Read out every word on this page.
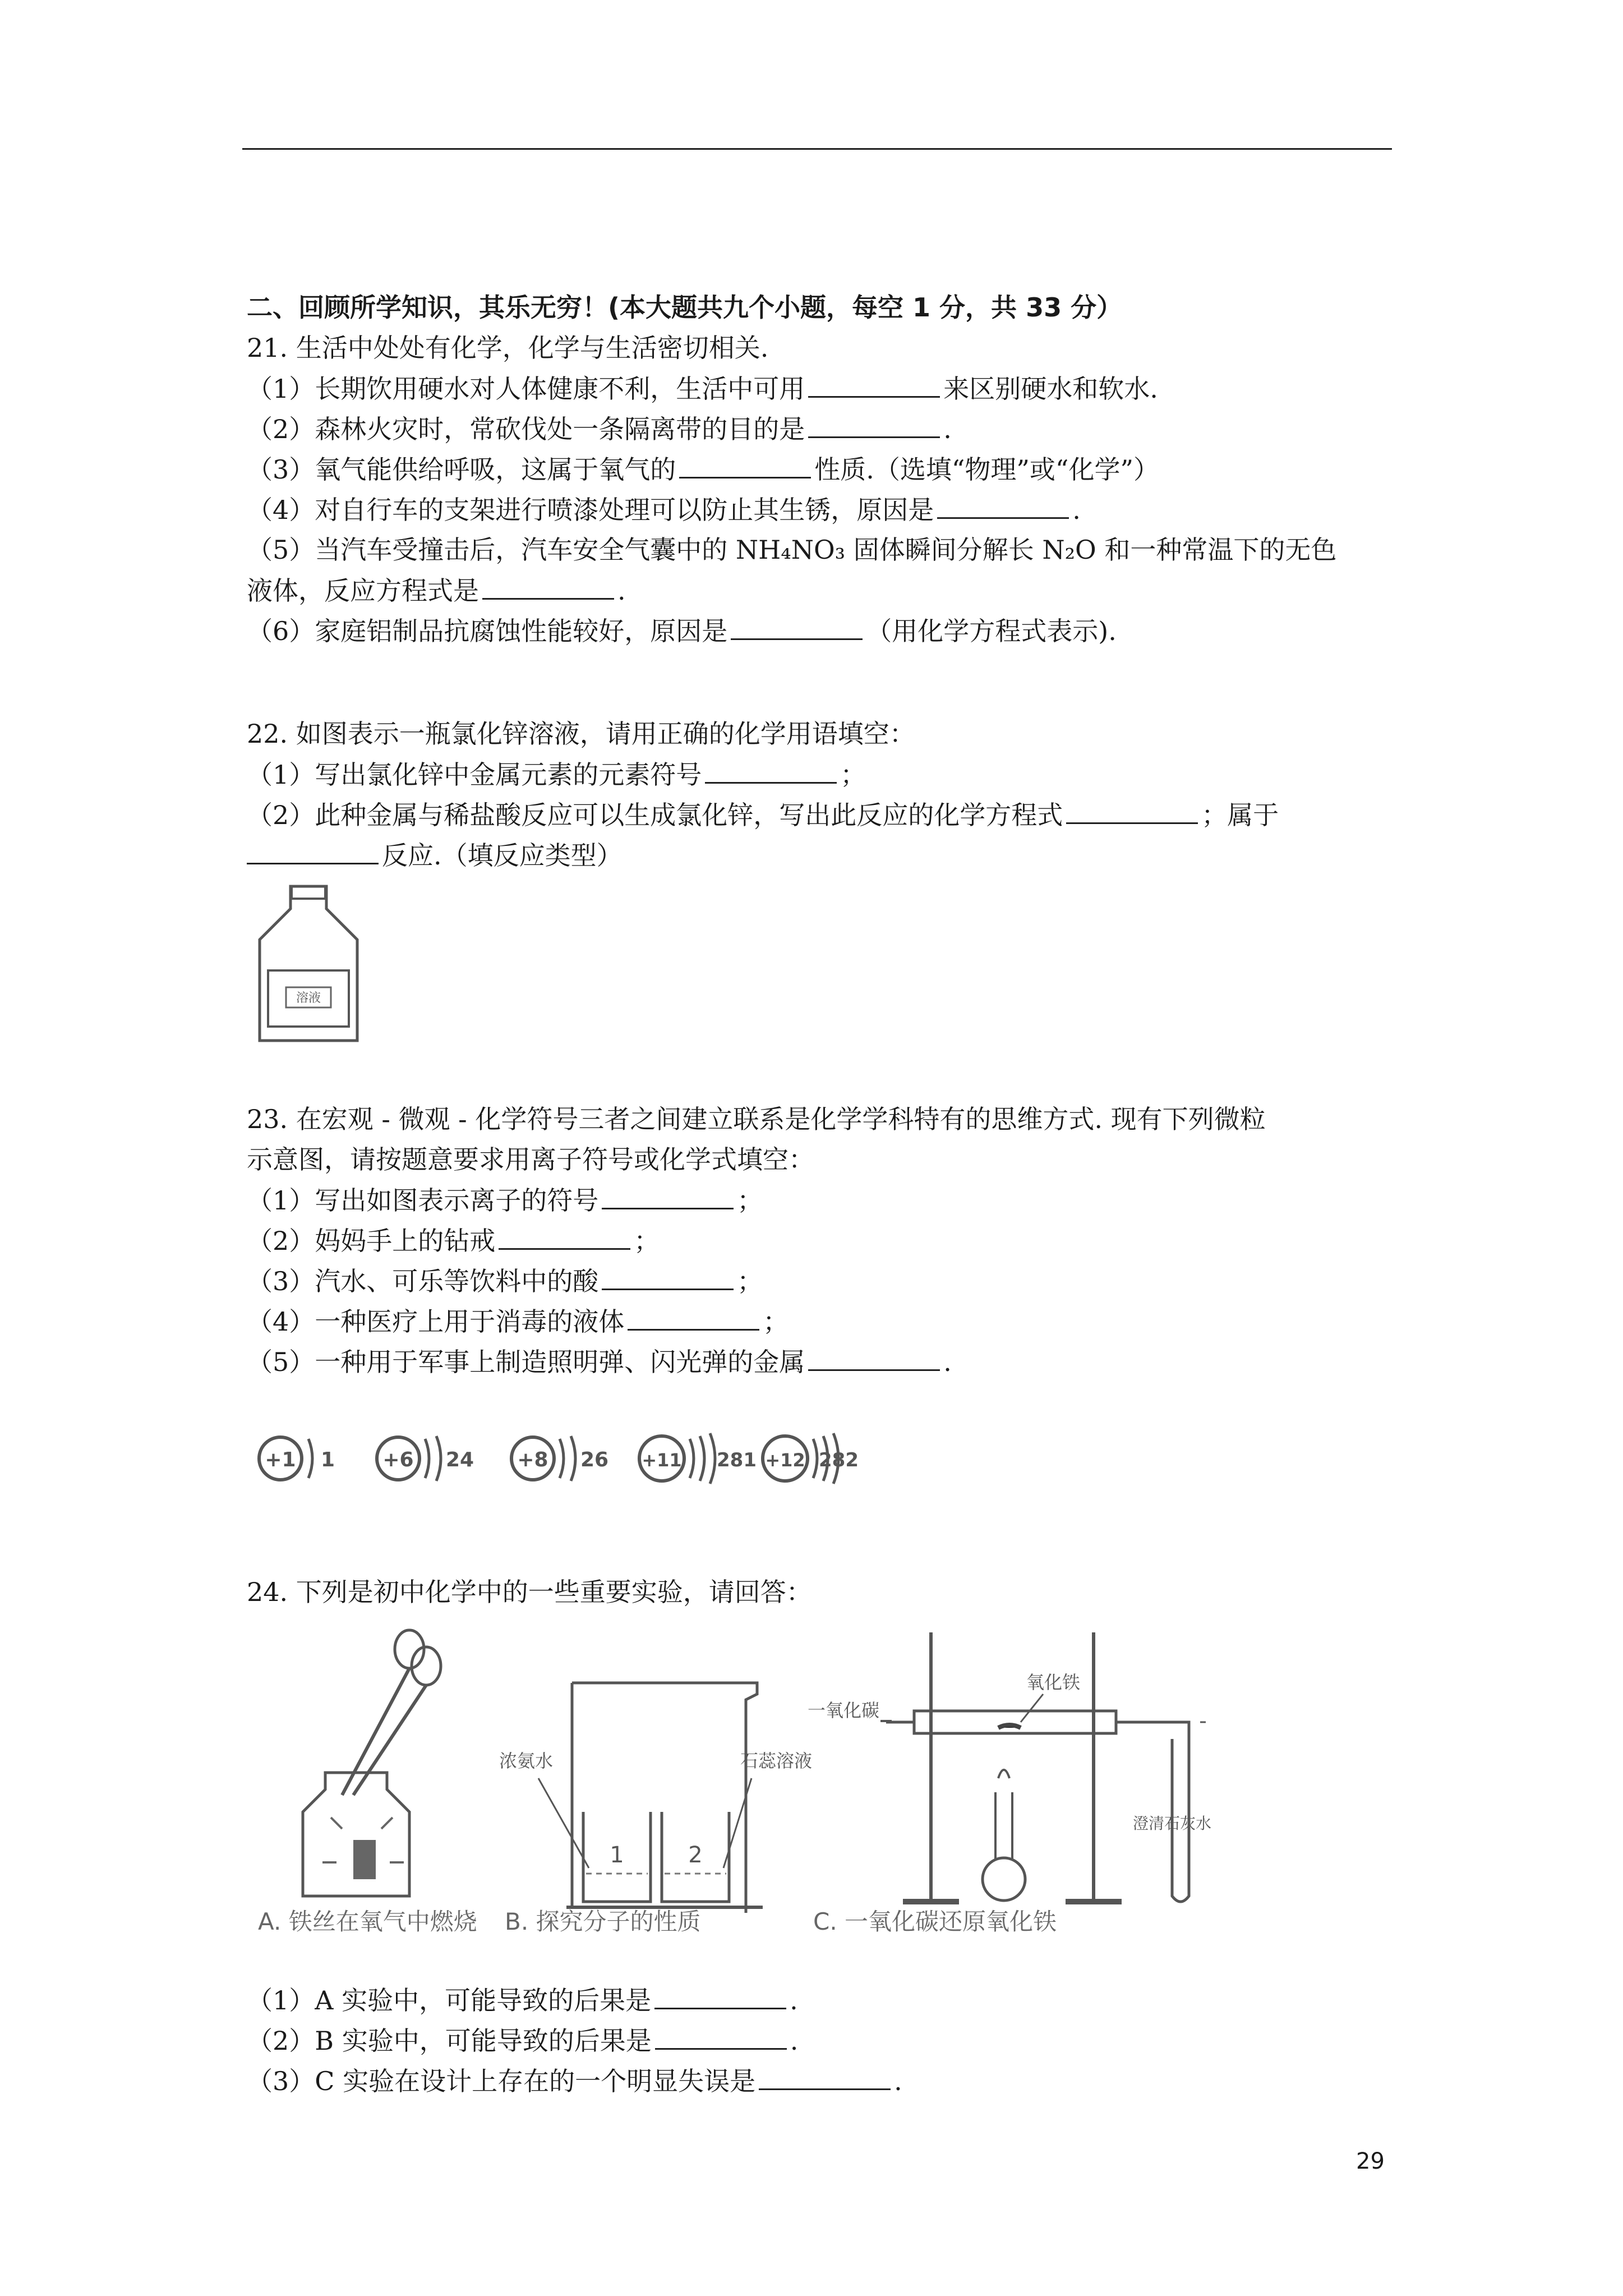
二、回顾所学知识，其乐无穷！(本大题共九个小题，每空 1 分，共 33 分）
21. 生活中处处有化学，化学与生活密切相关.
（1）长期饮用硬水对人体健康不利，生活中可用	来区别硬水和软水.
（2）森林火灾时，常砍伐处一条隔离带的目的是	.
（3）氧气能供给呼吸，这属于氧气的	性质.（选填“物理”或“化学”）
（4）对自行车的支架进行喷漆处理可以防止其生锈，原因是	.
（5）当汽车受撞击后，汽车安全气囊中的 NH₄NO₃ 固体瞬间分解长 N₂O 和一种常温下的无色
液体，反应方程式是	.
（6）家庭铝制品抗腐蚀性能较好，原因是	（用化学方程式表示).
22. 如图表示一瓶氯化锌溶液，请用正确的化学用语填空：
（1）写出氯化锌中金属元素的元素符号	；
（2）此种金属与稀盐酸反应可以生成氯化锌，写出此反应的化学方程式	；属于
反应.（填反应类型）
溶液
23. 在宏观 - 微观 - 化学符号三者之间建立联系是化学学科特有的思维方式. 现有下列微粒
示意图，请按题意要求用离子符号或化学式填空：
（1）写出如图表示离子的符号	；
（2）妈妈手上的钻戒	；
（3）汽水、可乐等饮料中的酸	；
（4）一种医疗上用于消毒的液体	；
（5）一种用于军事上制造照明弹、闪光弹的金属	.
+1 1 +6 24 +8 26 +11 281 +12 282
24. 下列是初中化学中的一些重要实验，请回答：
A. 铁丝在氧气中燃烧
1	2
浓氨水	石蕊溶液
B. 探究分子的性质
一氧化碳
氧化铁
澄清石灰水
C. 一氧化碳还原氧化铁
（1）A 实验中，可能导致的后果是	.
（2）B 实验中，可能导致的后果是	.
（3）C 实验在设计上存在的一个明显失误是	.
29
